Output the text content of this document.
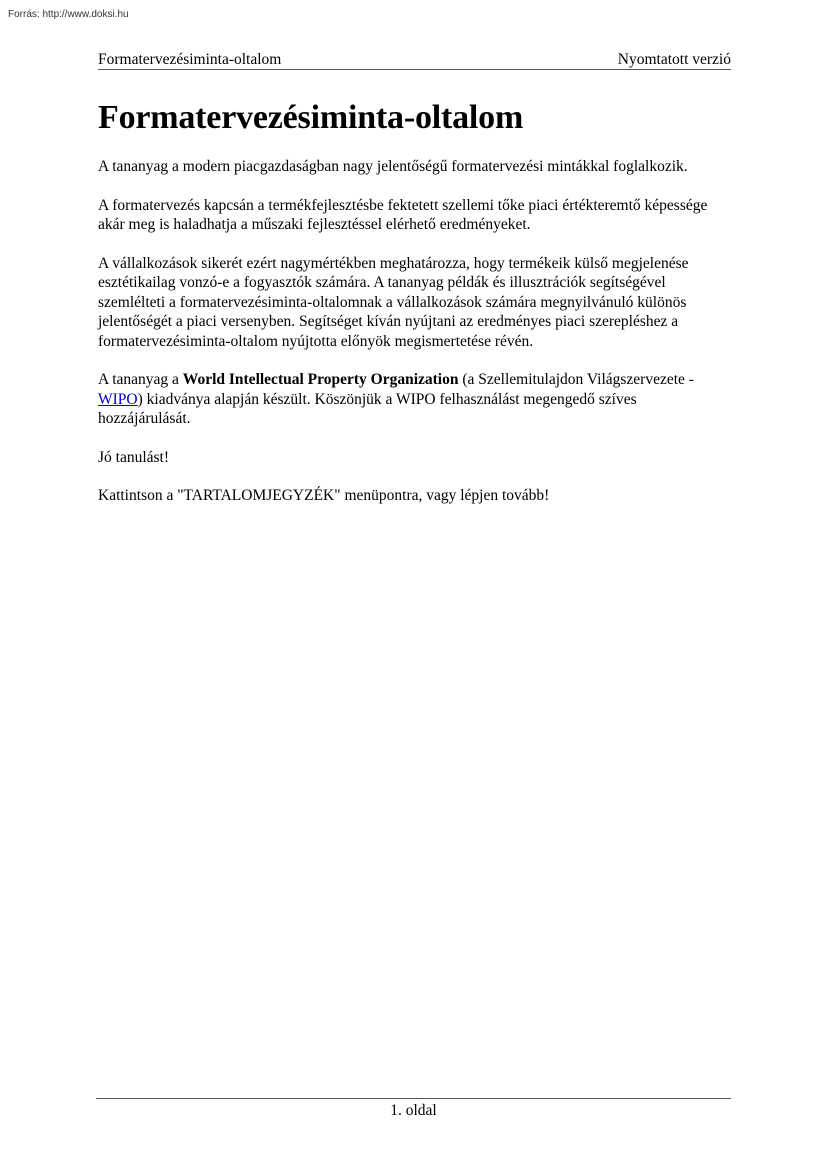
Forrás: http://www.doksi.hu
Formatervezésiminta-oltalom	Nyomtatott verzió
Formatervezésiminta-oltalom

A tananyag a modern piacgazdaságban nagy jelentőségű formatervezési mintákkal foglalkozik.

A formatervezés kapcsán a termékfejlesztésbe fektetett szellemi tőke piaci értékteremtő képessége akár meg is haladhatja a műszaki fejlesztéssel elérhető eredményeket.

A vállalkozások sikerét ezért nagymértékben meghatározza, hogy termékeik külső megjelenése esztétikailag vonzó-e a fogyasztók számára. A tananyag példák és illusztrációk segítségével szemlélteti a formatervezésiminta-oltalomnak a vállalkozások számára megnyilvánuló különös jelentőségét a piaci versenyben. Segítséget kíván nyújtani az eredményes piaci szerepléshez a formatervezésiminta-oltalom nyújtotta előnyök megismertetése révén.

A tananyag a World Intellectual Property Organization (a Szellemitulajdon Világszervezete - WIPO) kiadványa alapján készült. Köszönjük a WIPO felhasználást megengedő szíves hozzájárulását.

Jó tanulást!

Kattintson a "TARTALOMJEGYZÉK" menüpontra, vagy lépjen tovább!

1. oldal
